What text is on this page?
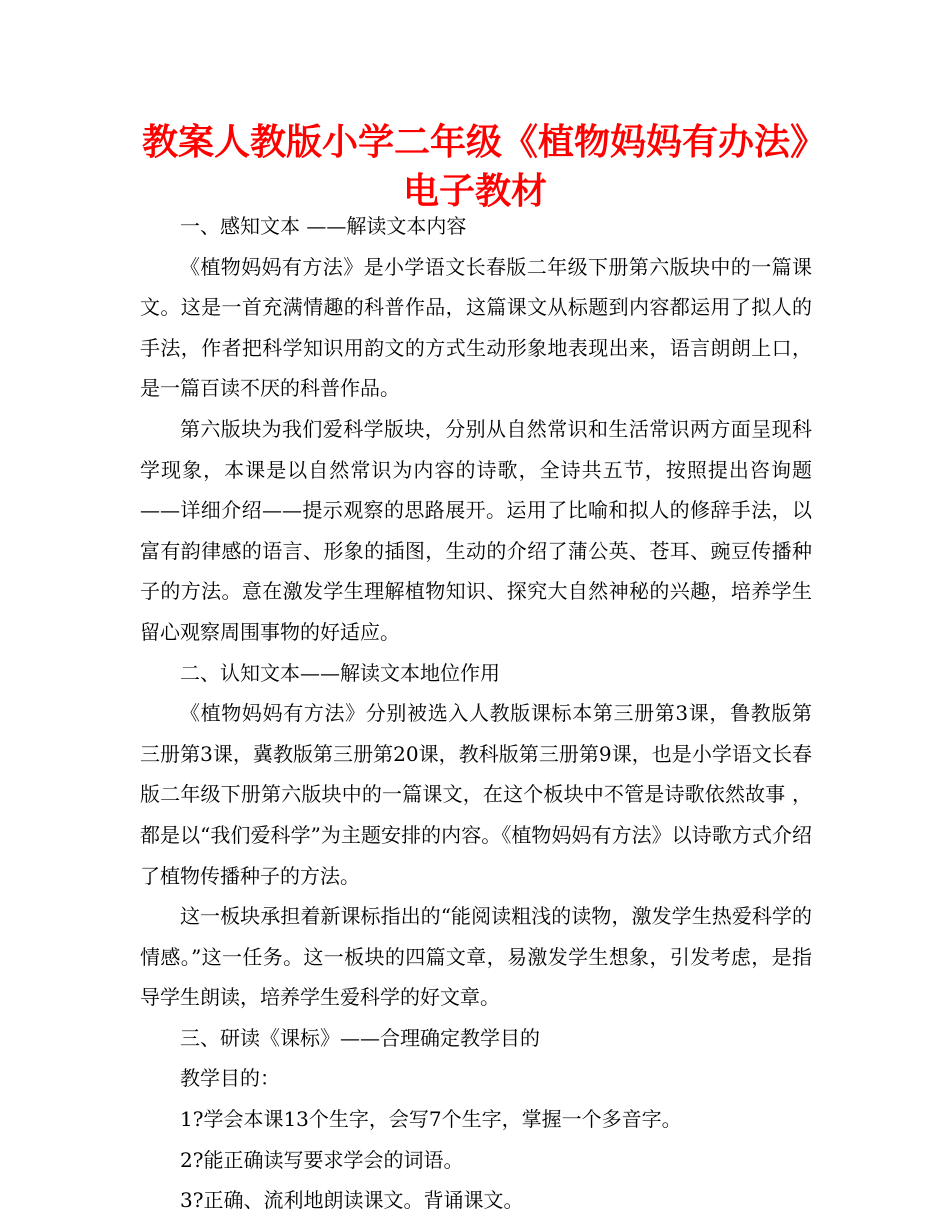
教案人教版小学二年级《植物妈妈有办法》电子教材

一、感知文本 ——解读文本内容

《植物妈妈有方法》是小学语文长春版二年级下册第六版块中的一篇课文。这是一首充满情趣的科普作品，这篇课文从标题到内容都运用了拟人的手法，作者把科学知识用韵文的方式生动形象地表现出来，语言朗朗上口，是一篇百读不厌的科普作品。

第六版块为我们爱科学版块，分别从自然常识和生活常识两方面呈现科学现象，本课是以自然常识为内容的诗歌，全诗共五节，按照提出咨询题——详细介绍——提示观察的思路展开。运用了比喻和拟人的修辞手法，以富有韵律感的语言、形象的插图，生动的介绍了蒲公英、苍耳、豌豆传播种子的方法。意在激发学生理解植物知识、探究大自然神秘的兴趣，培养学生留心观察周围事物的好适应。

二、认知文本——解读文本地位作用

《植物妈妈有方法》分别被选入人教版课标本第三册第3课，鲁教版第三册第3课，冀教版第三册第20课，教科版第三册第9课，也是小学语文长春版二年级下册第六版块中的一篇课文，在这个板块中不管是诗歌依然故事 ，都是以“我们爱科学”为主题安排的内容。《植物妈妈有方法》以诗歌方式介绍了植物传播种子的方法。

这一板块承担着新课标指出的“能阅读粗浅的读物，激发学生热爱科学的情感。”这一任务。这一板块的四篇文章，易激发学生想象，引发考虑，是指导学生朗读，培养学生爱科学的好文章。

三、研读《课标》——合理确定教学目的

教学目的：

1?学会本课13个生字，会写7个生字，掌握一个多音字。

2?能正确读写要求学会的词语。

3?正确、流利地朗读课文。背诵课文。
